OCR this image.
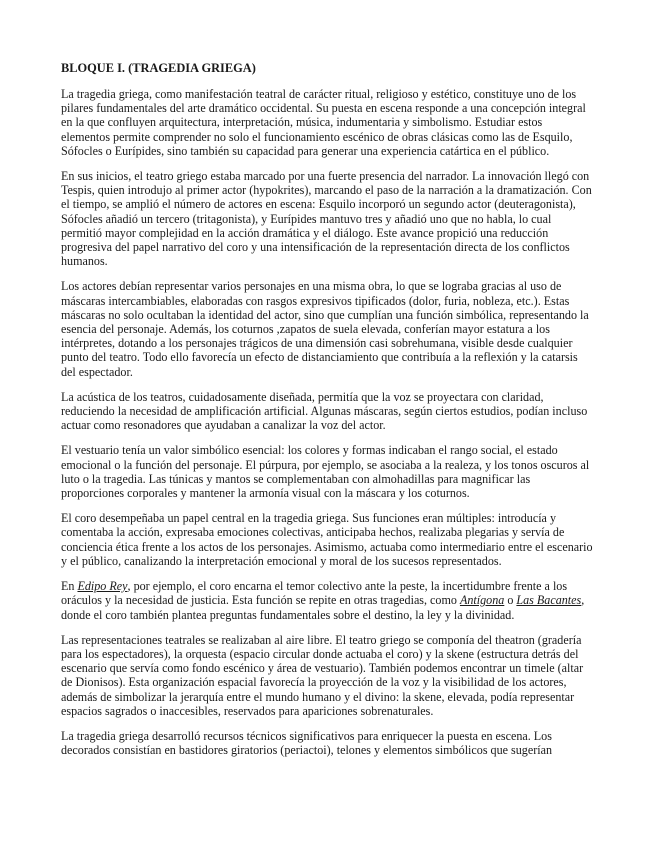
BLOQUE I. (TRAGEDIA GRIEGA)

La tragedia griega, como manifestación teatral de carácter ritual, religioso y estético, constituye uno de los pilares fundamentales del arte dramático occidental. Su puesta en escena responde a una concepción integral en la que confluyen arquitectura, interpretación, música, indumentaria y simbolismo. Estudiar estos elementos permite comprender no solo el funcionamiento escénico de obras clásicas como las de Esquilo, Sófocles o Eurípides, sino también su capacidad para generar una experiencia catártica en el público.

En sus inicios, el teatro griego estaba marcado por una fuerte presencia del narrador. La innovación llegó con Tespis, quien introdujo al primer actor (hypokrites), marcando el paso de la narración a la dramatización. Con el tiempo, se amplió el número de actores en escena: Esquilo incorporó un segundo actor (deuteragonista), Sófocles añadió un tercero (tritagonista), y Eurípides mantuvo tres y añadió uno que no habla, lo cual permitió mayor complejidad en la acción dramática y el diálogo. Este avance propició una reducción progresiva del papel narrativo del coro y una intensificación de la representación directa de los conflictos humanos.

Los actores debían representar varios personajes en una misma obra, lo que se lograba gracias al uso de máscaras intercambiables, elaboradas con rasgos expresivos tipificados (dolor, furia, nobleza, etc.). Estas máscaras no solo ocultaban la identidad del actor, sino que cumplían una función simbólica, representando la esencia del personaje. Además, los coturnos ,zapatos de suela elevada, conferían mayor estatura a los intérpretes, dotando a los personajes trágicos de una dimensión casi sobrehumana, visible desde cualquier punto del teatro. Todo ello favorecía un efecto de distanciamiento que contribuía a la reflexión y la catarsis del espectador.

La acústica de los teatros, cuidadosamente diseñada, permitía que la voz se proyectara con claridad, reduciendo la necesidad de amplificación artificial. Algunas máscaras, según ciertos estudios, podían incluso actuar como resonadores que ayudaban a canalizar la voz del actor.

El vestuario tenía un valor simbólico esencial: los colores y formas indicaban el rango social, el estado emocional o la función del personaje. El púrpura, por ejemplo, se asociaba a la realeza, y los tonos oscuros al luto o la tragedia. Las túnicas y mantos se complementaban con almohadillas para magnificar las proporciones corporales y mantener la armonía visual con la máscara y los coturnos.

El coro desempeñaba un papel central en la tragedia griega. Sus funciones eran múltiples: introducía y comentaba la acción, expresaba emociones colectivas, anticipaba hechos, realizaba plegarias y servía de conciencia ética frente a los actos de los personajes. Asimismo, actuaba como intermediario entre el escenario y el público, canalizando la interpretación emocional y moral de los sucesos representados.

En Edipo Rey, por ejemplo, el coro encarna el temor colectivo ante la peste, la incertidumbre frente a los oráculos y la necesidad de justicia. Esta función se repite en otras tragedias, como Antígona o Las Bacantes, donde el coro también plantea preguntas fundamentales sobre el destino, la ley y la divinidad.

Las representaciones teatrales se realizaban al aire libre. El teatro griego se componía del theatron (gradería para los espectadores), la orquesta (espacio circular donde actuaba el coro) y la skene (estructura detrás del escenario que servía como fondo escénico y área de vestuario). También podemos encontrar un timele (altar de Dionisos). Esta organización espacial favorecía la proyección de la voz y la visibilidad de los actores, además de simbolizar la jerarquía entre el mundo humano y el divino: la skene, elevada, podía representar espacios sagrados o inaccesibles, reservados para apariciones sobrenaturales.

La tragedia griega desarrolló recursos técnicos significativos para enriquecer la puesta en escena. Los decorados consistían en bastidores giratorios (periactoi), telones y elementos simbólicos que sugerían
